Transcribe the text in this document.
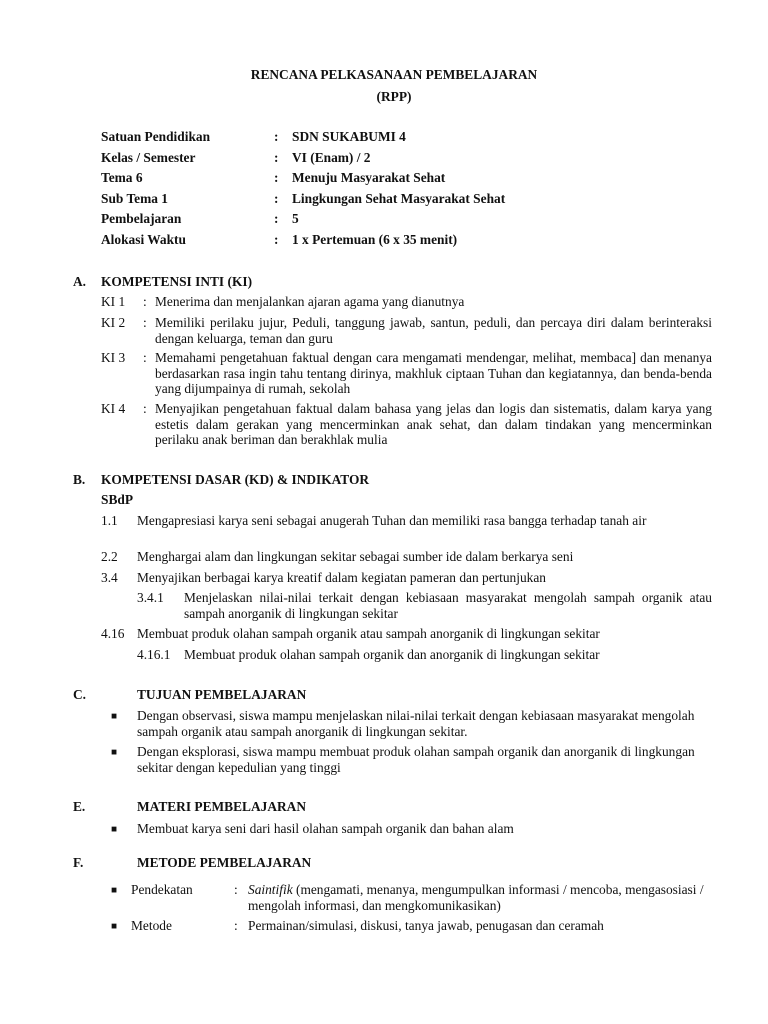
RENCANA PELKASANAAN PEMBELAJARAN
(RPP)
Satuan Pendidikan	: SDN SUKABUMI 4
Kelas / Semester	: VI (Enam) / 2
Tema 6	: Menuju Masyarakat Sehat
Sub Tema 1	: Lingkungan Sehat Masyarakat Sehat
Pembelajaran	: 5
Alokasi Waktu	: 1 x Pertemuan (6 x 35 menit)
A. KOMPETENSI INTI (KI)
KI 1 : Menerima dan menjalankan ajaran agama yang dianutnya
KI 2 : Memiliki perilaku jujur, Peduli, tanggung jawab, santun, peduli, dan percaya diri dalam berinteraksi dengan keluarga, teman dan guru
KI 3 : Memahami pengetahuan faktual dengan cara mengamati mendengar, melihat, membaca] dan menanya berdasarkan rasa ingin tahu tentang dirinya, makhluk ciptaan Tuhan dan kegiatannya, dan benda-benda yang dijumpainya di rumah, sekolah
KI 4 : Menyajikan pengetahuan faktual dalam bahasa yang jelas dan logis dan sistematis, dalam karya yang estetis dalam gerakan yang mencerminkan anak sehat, dan dalam tindakan yang mencerminkan perilaku anak beriman dan berakhlak mulia
B. KOMPETENSI DASAR (KD) & INDIKATOR
SBdP
1.1 Mengapresiasi karya seni sebagai anugerah Tuhan dan memiliki rasa bangga terhadap tanah air
2.2 Menghargai alam dan lingkungan sekitar sebagai sumber ide dalam berkarya seni
3.4 Menyajikan berbagai karya kreatif dalam kegiatan pameran dan pertunjukan
3.4.1 Menjelaskan nilai-nilai terkait dengan kebiasaan masyarakat mengolah sampah organik atau sampah anorganik di lingkungan sekitar
4.16 Membuat produk olahan sampah organik atau sampah anorganik di lingkungan sekitar
4.16.1 Membuat produk olahan sampah organik dan anorganik di lingkungan sekitar
C.	TUJUAN PEMBELAJARAN
■ Dengan observasi, siswa mampu menjelaskan nilai-nilai terkait dengan kebiasaan masyarakat mengolah sampah organik atau sampah anorganik di lingkungan sekitar.
■ Dengan eksplorasi, siswa mampu membuat produk olahan sampah organik dan anorganik di lingkungan sekitar dengan kepedulian yang tinggi
E.	MATERI PEMBELAJARAN
■ Membuat karya seni dari hasil olahan sampah organik dan bahan alam
F.	METODE PEMBELAJARAN
■ Pendekatan	: Saintifik (mengamati, menanya, mengumpulkan informasi / mencoba, mengasosiasi / mengolah informasi, dan mengkomunikasikan)
■ Metode	: Permainan/simulasi, diskusi, tanya jawab, penugasan dan ceramah
